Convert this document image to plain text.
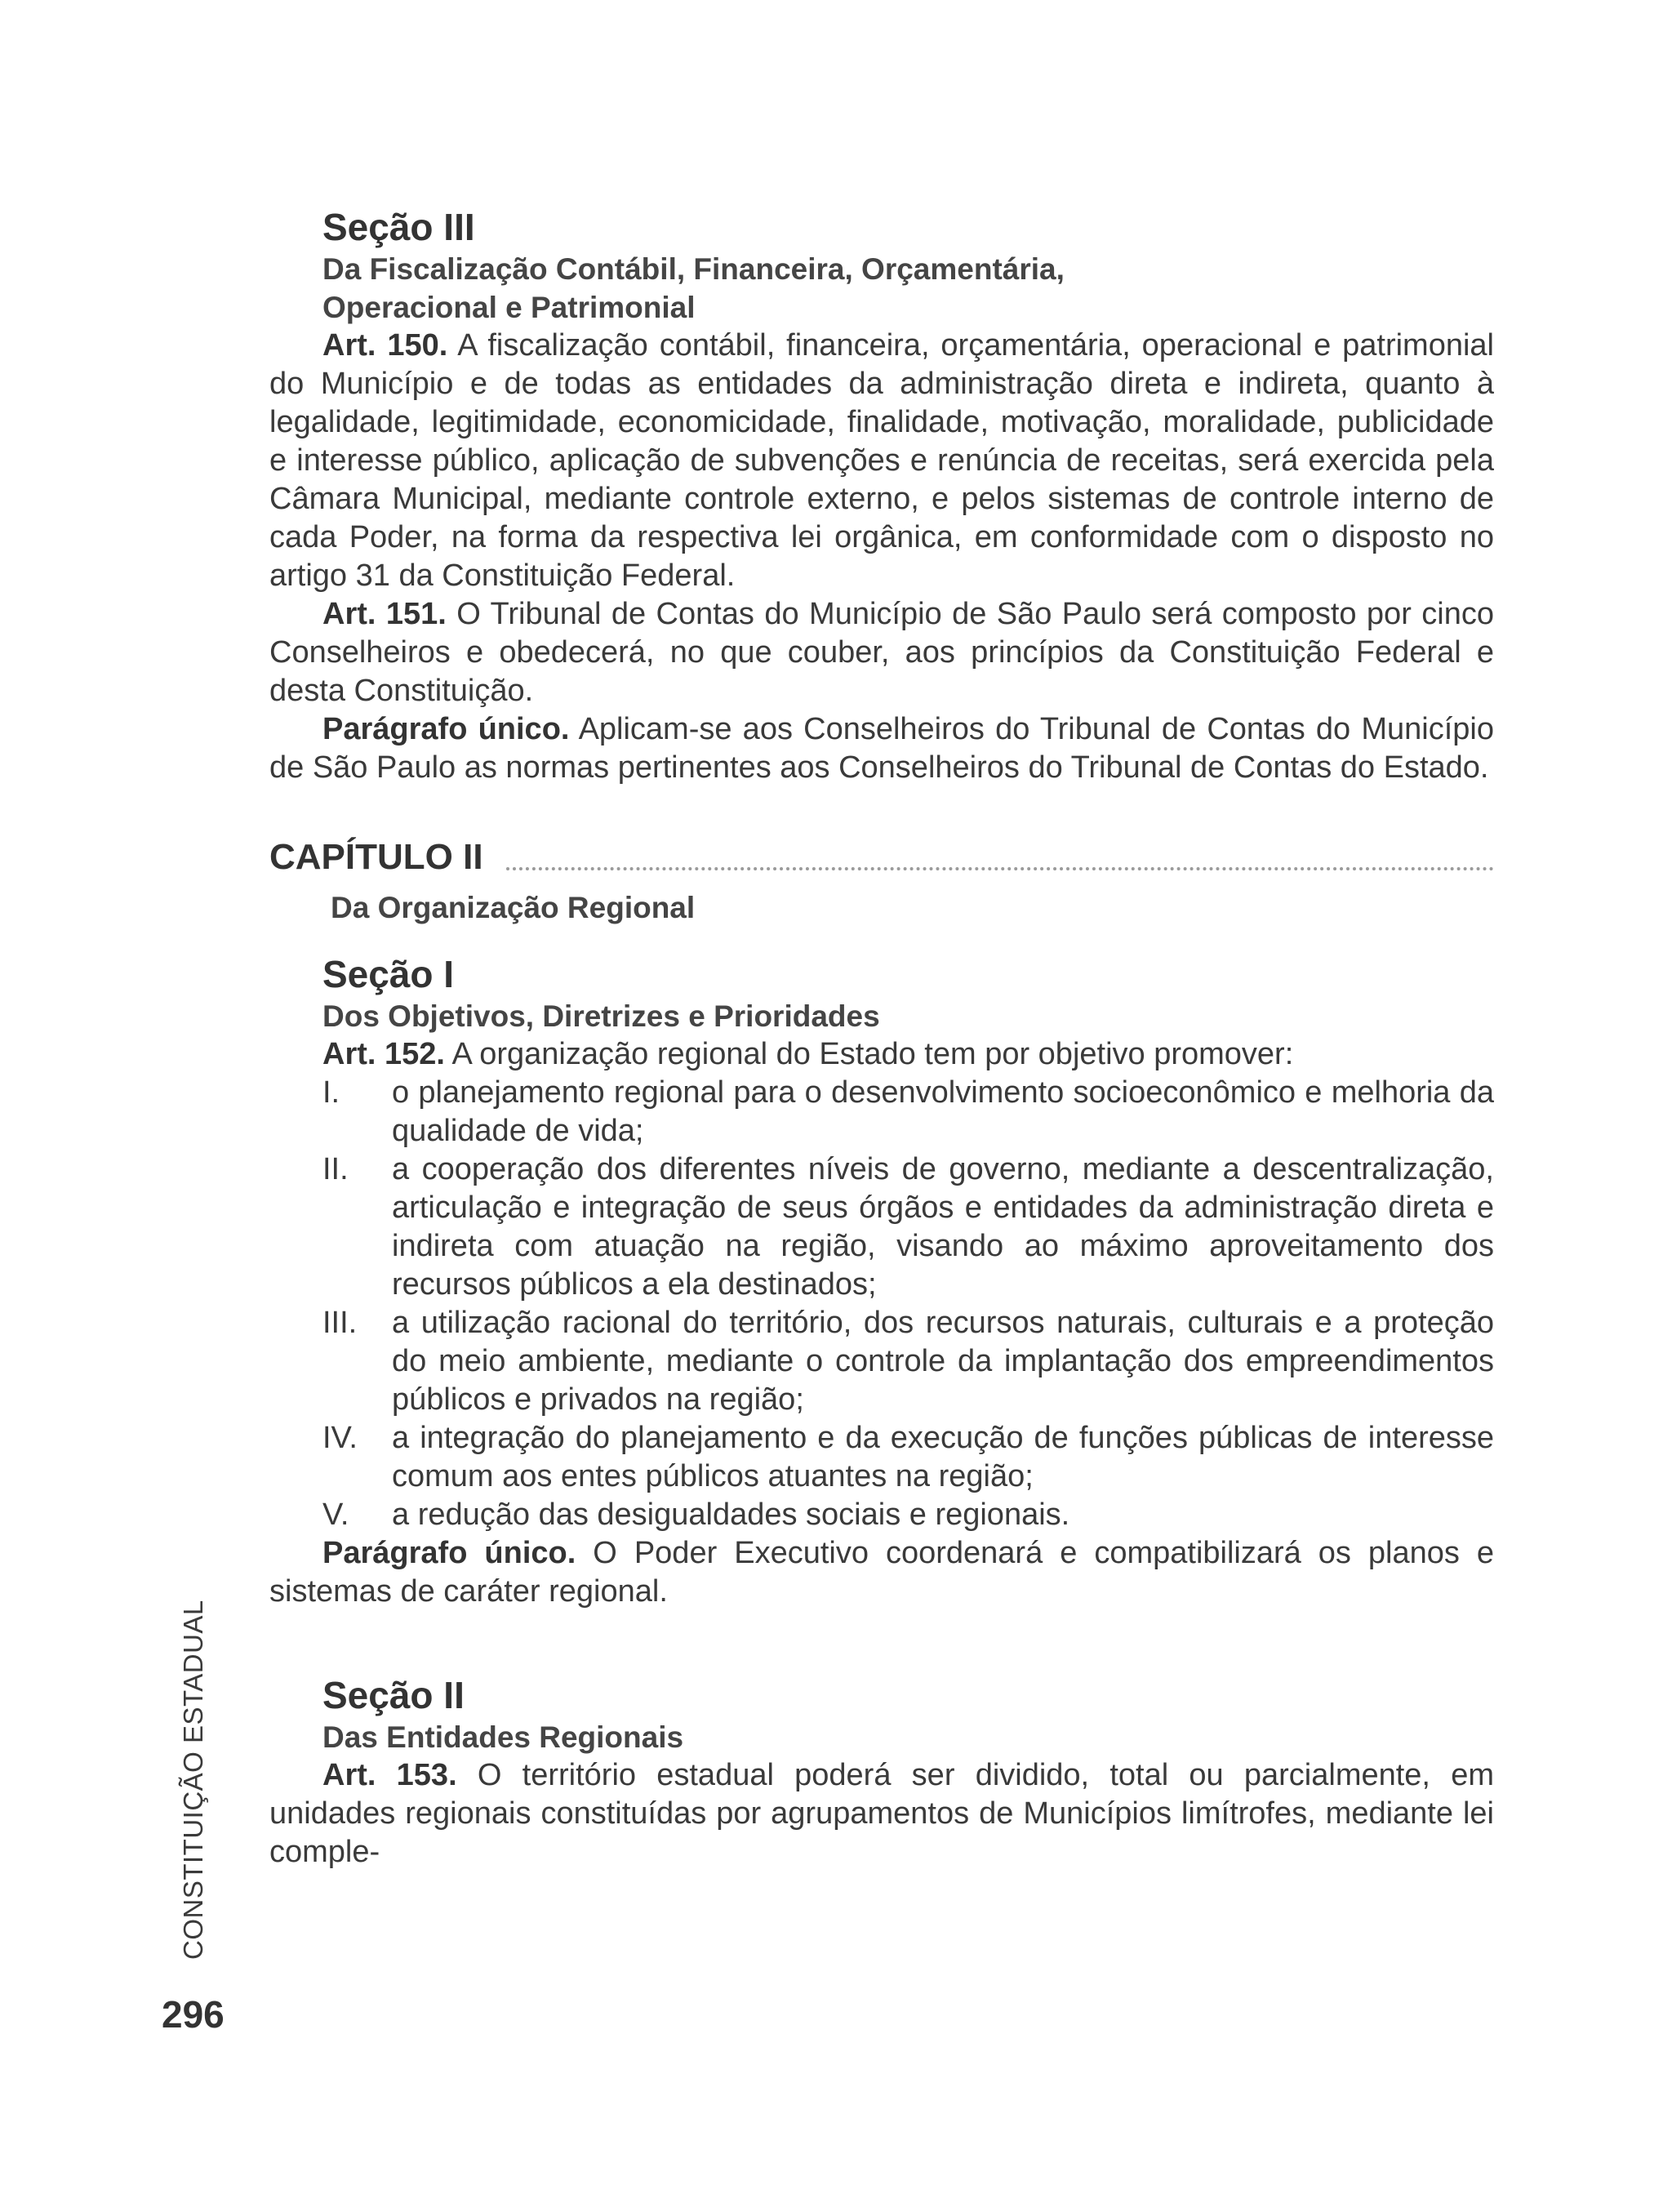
CONSTITUIÇÃO ESTADUAL
296
Seção III
Da Fiscalização Contábil, Financeira, Orçamentária,
Operacional e Patrimonial

Art. 150. A fiscalização contábil, financeira, orçamentária, operacional e patrimonial do Município e de todas as entidades da administração direta e indireta, quanto à legalidade, legitimidade, economicidade, finalidade, motivação, moralidade, publicidade e interesse público, aplicação de subvenções e renúncia de receitas, será exercida pela Câmara Municipal, mediante controle externo, e pelos sistemas de controle interno de cada Poder, na forma da respectiva lei orgânica, em conformidade com o disposto no artigo 31 da Constituição Federal.

Art. 151. O Tribunal de Contas do Município de São Paulo será composto por cinco Conselheiros e obedecerá, no que couber, aos princípios da Constituição Federal e desta Constituição.

Parágrafo único. Aplicam-se aos Conselheiros do Tribunal de Contas do Município de São Paulo as normas pertinentes aos Conselheiros do Tribunal de Contas do Estado.

CAPÍTULO II
Da Organização Regional
Seção I
Dos Objetivos, Diretrizes e Prioridades

Art. 152. A organização regional do Estado tem por objetivo promover:

I.	o planejamento regional para o desenvolvimento socioeconômico e melhoria da qualidade de vida;
II.	a cooperação dos diferentes níveis de governo, mediante a descentralização, articulação e integração de seus órgãos e entidades da administração direta e indireta com atuação na região, visando ao máximo aproveitamento dos recursos públicos a ela destinados;
III.	a utilização racional do território, dos recursos naturais, culturais e a proteção do meio ambiente, mediante o controle da implantação dos empreendimentos públicos e privados na região;
IV.	a integração do planejamento e da execução de funções públicas de interesse comum aos entes públicos atuantes na região;
V.	a redução das desigualdades sociais e regionais.

Parágrafo único. O Poder Executivo coordenará e compatibilizará os planos e sistemas de caráter regional.

Seção II
Das Entidades Regionais

Art. 153. O território estadual poderá ser dividido, total ou parcialmente, em unidades regionais constituídas por agrupamentos de Municípios limítrofes, mediante lei comple-
